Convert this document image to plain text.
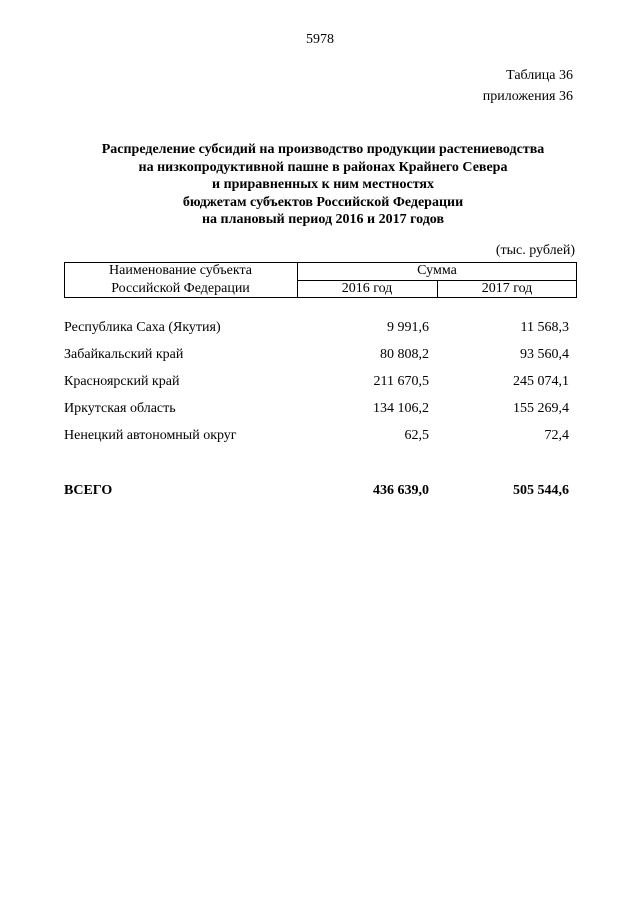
5978
Таблица 36
приложения 36
Распределение субсидий на производство продукции растениеводства
на низкопродуктивной пашне в районах Крайнего Севера
и приравненных к ним местностях
бюджетам субъектов Российской Федерации
на плановый период 2016 и 2017 годов
(тыс. рублей)
Наименование субъекта
Российской Федерации
Сумма
2016 год	2017 год
Республика Саха (Якутия)	9 991,6	11 568,3
Забайкальский край	80 808,2	93 560,4
Красноярский край	211 670,5	245 074,1
Иркутская область	134 106,2	155 269,4
Ненецкий автономный округ	62,5	72,4
ВСЕГО	436 639,0	505 544,6
